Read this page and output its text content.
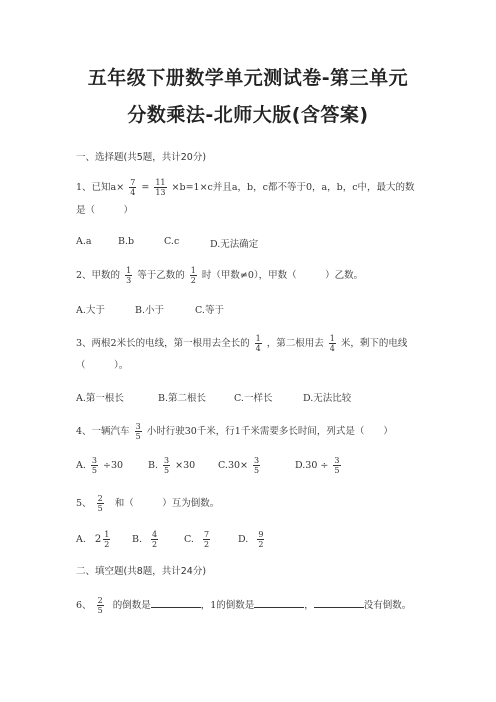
五年级下册数学单元测试卷-第三单元
分数乘法-北师大版(含答案)
一、选择题(共5题，共计20分)
1、已知$a\times \frac{7}{4} = \frac{11}{13} \times b=1\times c$并且a，b，c都不等于0，a，b，c中，最大的数
是（　　　）
A.a	B.b	C.c	D.无法确定
2、甲数的 $\frac{1}{3}$ 等于乙数的 $\frac{1}{2}$ 时（甲数≠0），甲数（　　　）乙数。
A.大于	B.小于	C.等于
3、两根2米长的电线，第一根用去全长的 $\frac{1}{4}$ ，第二根用去 $\frac{1}{4}$ 米，剩下的电线
（　　　）。
A.第一根长	B.第二根长	C.一样长	D.无法比较
4、一辆汽车 $\frac{3}{5}$ 小时行驶30千米，行1千米需要多长时间，列式是（　　）
A. $\frac{3}{5} \div 30$	B. $\frac{3}{5} \times 30$ $C.30\times \frac{3}{5}$	$D.30 \div \frac{3}{5}$
5、 $\frac{2}{5}$ 和（　　　）互为倒数。
A. $2 \frac{1}{2} B$. $\frac{4}{2}$	C. $\frac{7}{2}$	D. $\frac{9}{2}$
二、填空题(共8题，共计24分)
6、 $\frac{2}{5}$ 的倒数是	，1的倒数是	，	没有倒数。
